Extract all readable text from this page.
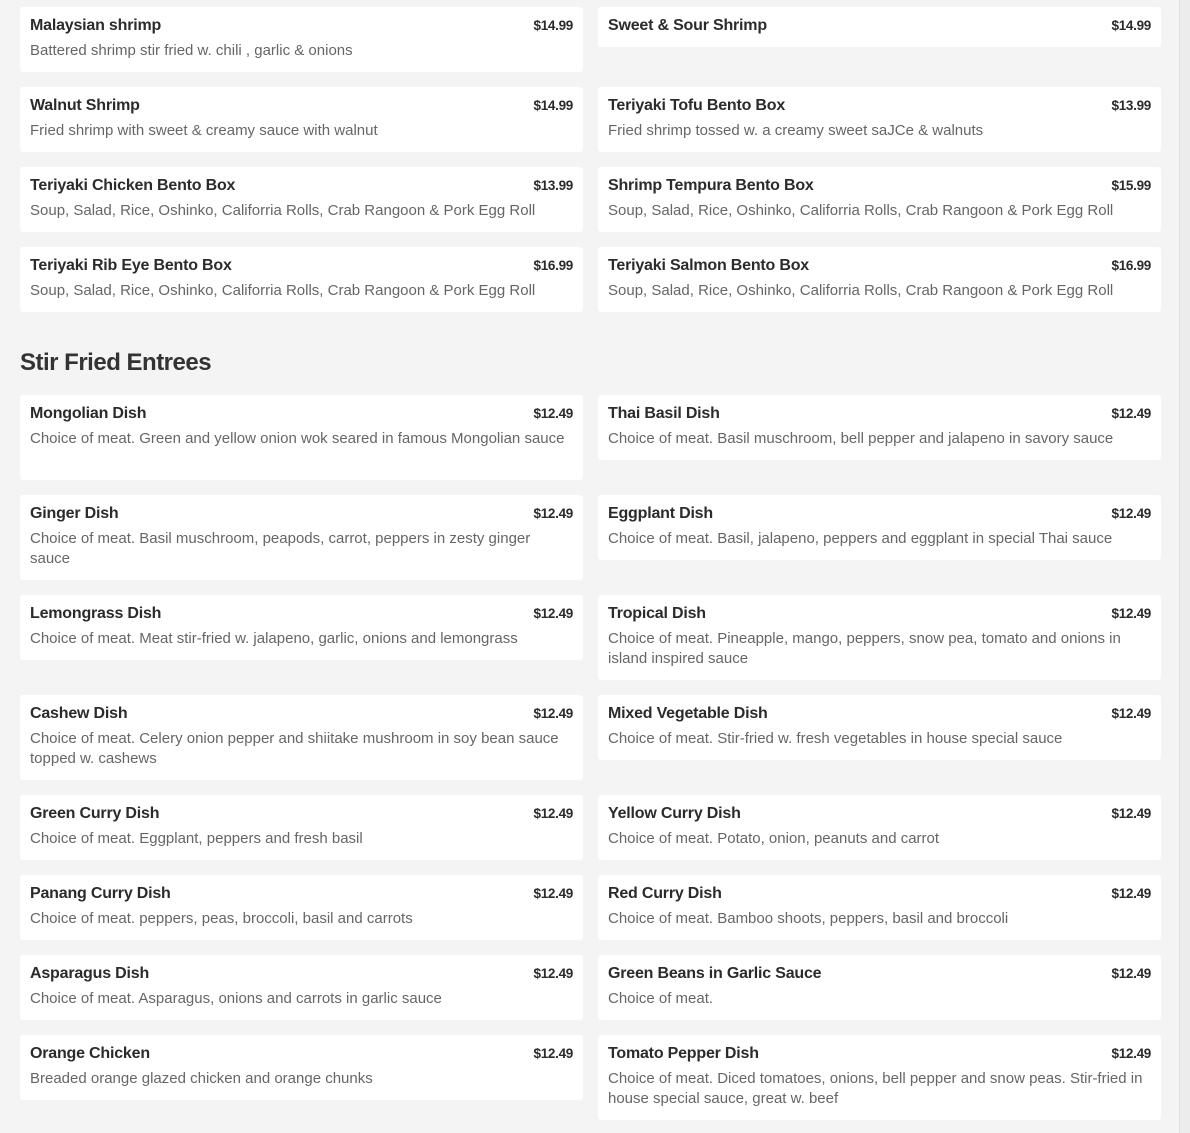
Malaysian shrimp	$14.99
Battered shrimp stir fried w. chili , garlic & onions
Sweet & Sour Shrimp	$14.99
Walnut Shrimp	$14.99
Fried shrimp with sweet & creamy sauce with walnut
Teriyaki Tofu Bento Box	$13.99
Fried shrimp tossed w. a creamy sweet saJCe & walnuts
Teriyaki Chicken Bento Box	$13.99
Soup, Salad, Rice, Oshinko, Califorria Rolls, Crab Rangoon & Pork Egg Roll
Shrimp Tempura Bento Box	$15.99
Soup, Salad, Rice, Oshinko, Califorria Rolls, Crab Rangoon & Pork Egg Roll
Teriyaki Rib Eye Bento Box	$16.99
Soup, Salad, Rice, Oshinko, Califorria Rolls, Crab Rangoon & Pork Egg Roll
Teriyaki Salmon Bento Box	$16.99
Soup, Salad, Rice, Oshinko, Califorria Rolls, Crab Rangoon & Pork Egg Roll
Stir Fried Entrees
Mongolian Dish	$12.49
Choice of meat. Green and yellow onion wok seared in famous Mongolian sauce
Thai Basil Dish	$12.49
Choice of meat. Basil muschroom, bell pepper and jalapeno in savory sauce
Ginger Dish	$12.49
Choice of meat. Basil muschroom, peapods, carrot, peppers in zesty ginger sauce
Eggplant Dish	$12.49
Choice of meat. Basil, jalapeno, peppers and eggplant in special Thai sauce
Lemongrass Dish	$12.49
Choice of meat. Meat stir-fried w. jalapeno, garlic, onions and lemongrass
Tropical Dish	$12.49
Choice of meat. Pineapple, mango, peppers, snow pea, tomato and onions in island inspired sauce
Cashew Dish	$12.49
Choice of meat. Celery onion pepper and shiitake mushroom in soy bean sauce topped w. cashews
Mixed Vegetable Dish	$12.49
Choice of meat. Stir-fried w. fresh vegetables in house special sauce
Green Curry Dish	$12.49
Choice of meat. Eggplant, peppers and fresh basil
Yellow Curry Dish	$12.49
Choice of meat. Potato, onion, peanuts and carrot
Panang Curry Dish	$12.49
Choice of meat. peppers, peas, broccoli, basil and carrots
Red Curry Dish	$12.49
Choice of meat. Bamboo shoots, peppers, basil and broccoli
Asparagus Dish	$12.49
Choice of meat. Asparagus, onions and carrots in garlic sauce
Green Beans in Garlic Sauce	$12.49
Choice of meat.
Orange Chicken	$12.49
Breaded orange glazed chicken and orange chunks
Tomato Pepper Dish	$12.49
Choice of meat. Diced tomatoes, onions, bell pepper and snow peas. Stir-fried in house special sauce, great w. beef
